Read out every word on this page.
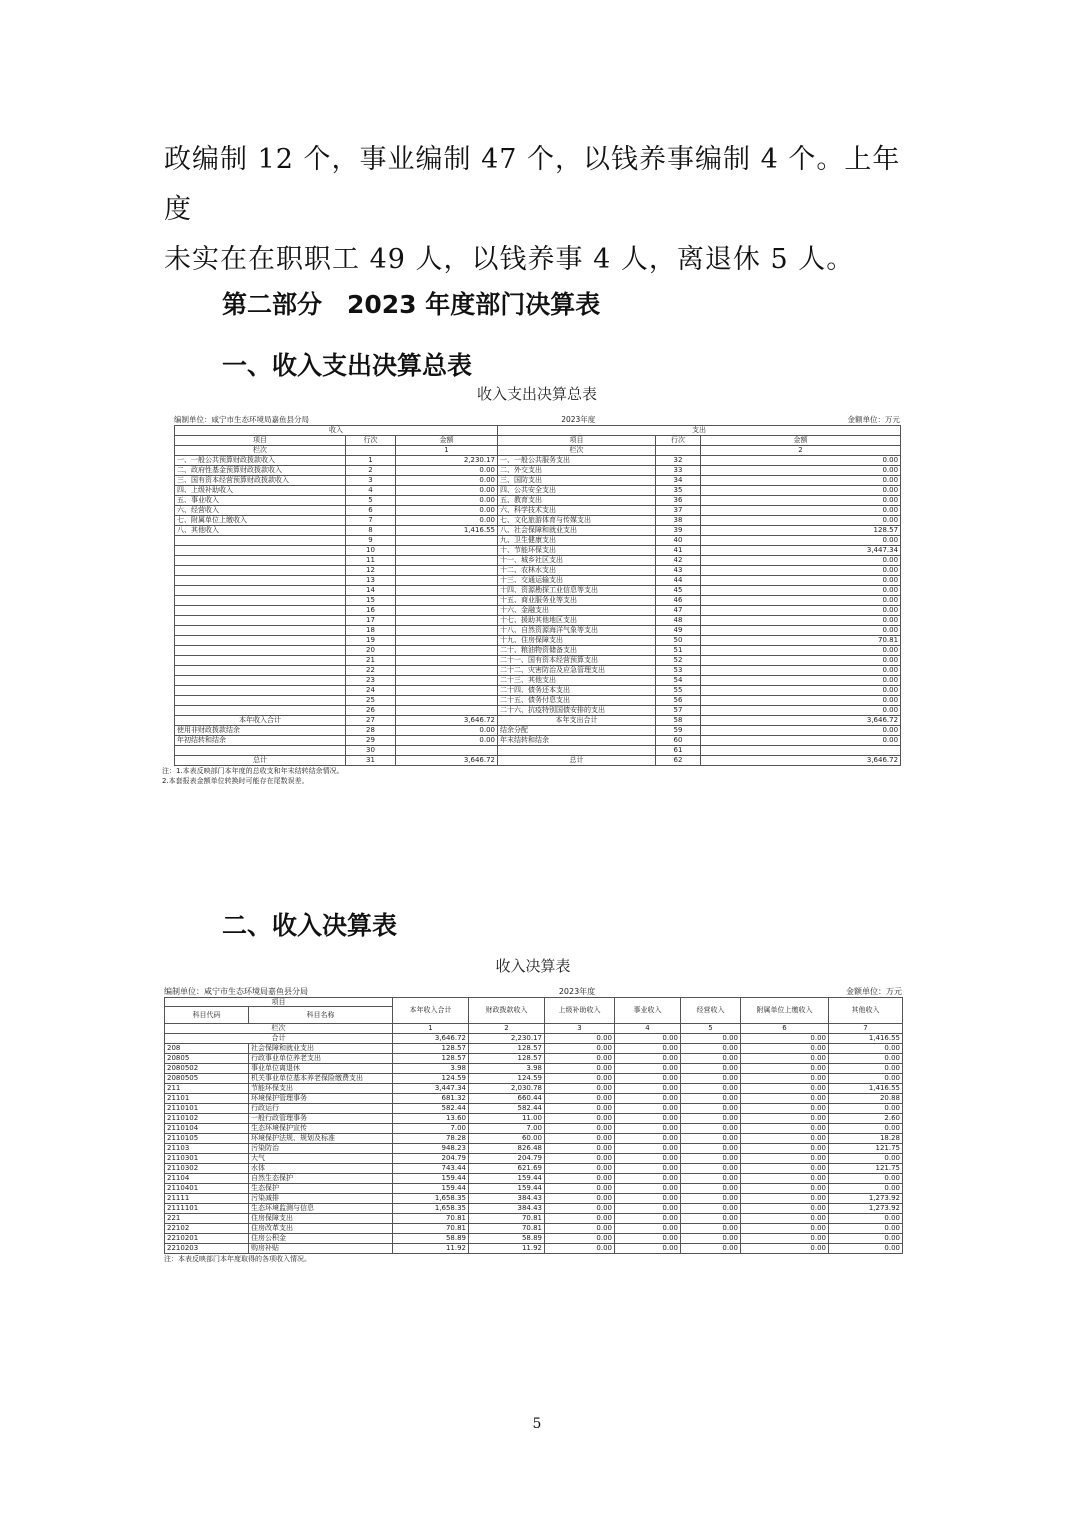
政编制 12 个，事业编制 47 个，以钱养事编制 4 个。上年度
未实在在职职工 49 人，以钱养事 4 人，离退休 5 人。
第二部分　2023 年度部门决算表
一、收入支出决算总表
收入支出决算总表
编制单位：咸宁市生态环境局嘉鱼县分局	2023年度	金额单位：万元
收入			支出		
项目	行次	金额	项目	行次	金额
栏次		1	栏次		2
一、一般公共预算财政拨款收入	1	2,230.17	一、一般公共服务支出	32	0.00
二、政府性基金预算财政拨款收入	2	0.00	二、外交支出	33	0.00
三、国有资本经营预算财政拨款收入	3	0.00	三、国防支出	34	0.00
四、上级补助收入	4	0.00	四、公共安全支出	35	0.00
五、事业收入	5	0.00	五、教育支出	36	0.00
六、经营收入	6	0.00	六、科学技术支出	37	0.00
七、附属单位上缴收入	7	0.00	七、文化旅游体育与传媒支出	38	0.00
八、其他收入	8	1,416.55	八、社会保障和就业支出	39	128.57
	9		九、卫生健康支出	40	0.00
	10		十、节能环保支出	41	3,447.34
	11		十一、城乡社区支出	42	0.00
	12		十二、农林水支出	43	0.00
	13		十三、交通运输支出	44	0.00
	14		十四、资源勘探工业信息等支出	45	0.00
	15		十五、商业服务业等支出	46	0.00
	16		十六、金融支出	47	0.00
	17		十七、援助其他地区支出	48	0.00
	18		十八、自然资源海洋气象等支出	49	0.00
	19		十九、住房保障支出	50	70.81
	20		二十、粮油物资储备支出	51	0.00
	21		二十一、国有资本经营预算支出	52	0.00
	22		二十二、灾害防治及应急管理支出	53	0.00
	23		二十三、其他支出	54	0.00
	24		二十四、债务还本支出	55	0.00
	25		二十五、债务付息支出	56	0.00
	26		二十六、抗疫特别国债安排的支出	57	0.00
本年收入合计	27	3,646.72	本年支出合计	58	3,646.72
使用非财政拨款结余	28	0.00	结余分配	59	0.00
年初结转和结余	29	0.00	年末结转和结余	60	0.00
	30			61	
总计	31	3,646.72	总计	62	3,646.72
注：1.本表反映部门本年度的总收支和年末结转结余情况。
2.本套报表金额单位转换时可能存在尾数误差。
二、收入决算表
收入决算表
编制单位：咸宁市生态环境局嘉鱼县分局	2023年度	金额单位：万元
项目		本年收入合计	财政拨款收入	上级补助收入	事业收入	经营收入	附属单位上缴收入	其他收入
科目代码	科目名称							
栏次		1	2	3	4	5	6	7
合计		3,646.72	2,230.17	0.00	0.00	0.00	0.00	1,416.55
208	社会保障和就业支出	128.57	128.57	0.00	0.00	0.00	0.00	0.00
20805	行政事业单位养老支出	128.57	128.57	0.00	0.00	0.00	0.00	0.00
2080502	事业单位离退休	3.98	3.98	0.00	0.00	0.00	0.00	0.00
2080505	机关事业单位基本养老保险缴费支出	124.59	124.59	0.00	0.00	0.00	0.00	0.00
211	节能环保支出	3,447.34	2,030.78	0.00	0.00	0.00	0.00	1,416.55
21101	环境保护管理事务	681.32	660.44	0.00	0.00	0.00	0.00	20.88
2110101	行政运行	582.44	582.44	0.00	0.00	0.00	0.00	0.00
2110102	一般行政管理事务	13.60	11.00	0.00	0.00	0.00	0.00	2.60
2110104	生态环境保护宣传	7.00	7.00	0.00	0.00	0.00	0.00	0.00
2110105	环境保护法规、规划及标准	78.28	60.00	0.00	0.00	0.00	0.00	18.28
21103	污染防治	948.23	826.48	0.00	0.00	0.00	0.00	121.75
2110301	大气	204.79	204.79	0.00	0.00	0.00	0.00	0.00
2110302	水体	743.44	621.69	0.00	0.00	0.00	0.00	121.75
21104	自然生态保护	159.44	159.44	0.00	0.00	0.00	0.00	0.00
2110401	生态保护	159.44	159.44	0.00	0.00	0.00	0.00	0.00
21111	污染减排	1,658.35	384.43	0.00	0.00	0.00	0.00	1,273.92
2111101	生态环境监测与信息	1,658.35	384.43	0.00	0.00	0.00	0.00	1,273.92
221	住房保障支出	70.81	70.81	0.00	0.00	0.00	0.00	0.00
22102	住房改革支出	70.81	70.81	0.00	0.00	0.00	0.00	0.00
2210201	住房公积金	58.89	58.89	0.00	0.00	0.00	0.00	0.00
2210203	购房补贴	11.92	11.92	0.00	0.00	0.00	0.00	0.00
注：本表反映部门本年度取得的各项收入情况。
5
